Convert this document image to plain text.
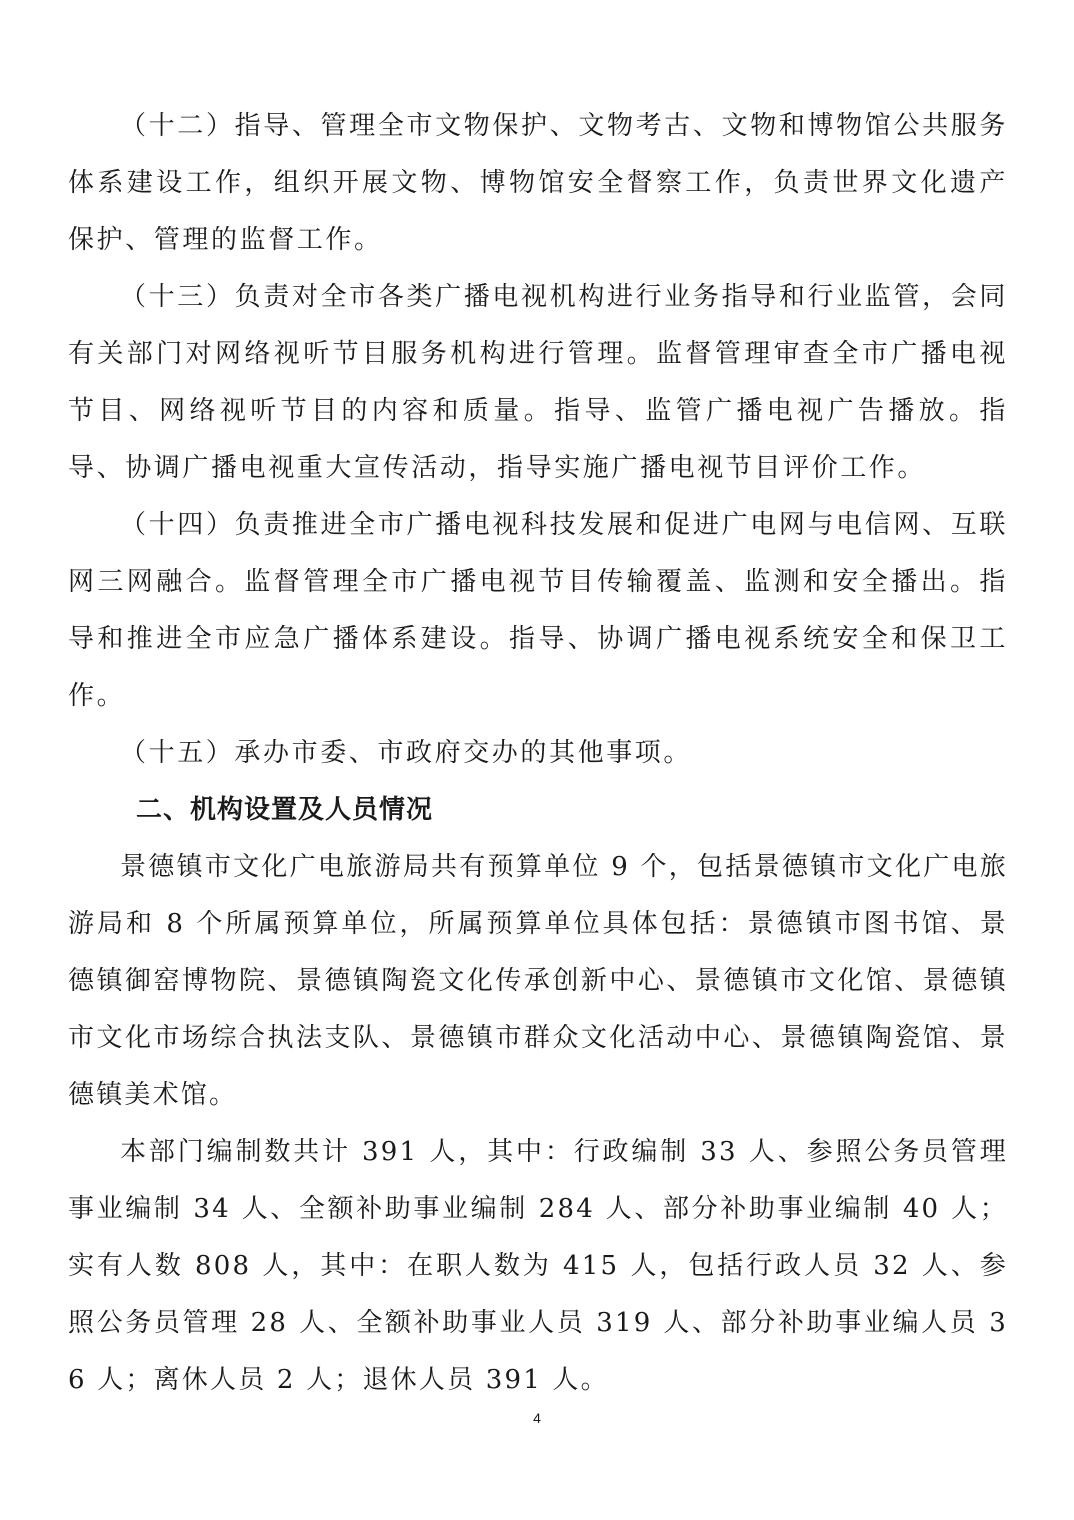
（十二）指导、管理全市文物保护、文物考古、文物和博物馆公共服务体系建设工作，组织开展文物、博物馆安全督察工作，负责世界文化遗产保护、管理的监督工作。

（十三）负责对全市各类广播电视机构进行业务指导和行业监管，会同有关部门对网络视听节目服务机构进行管理。监督管理审查全市广播电视节目、网络视听节目的内容和质量。指导、监管广播电视广告播放。指导、协调广播电视重大宣传活动，指导实施广播电视节目评价工作。

（十四）负责推进全市广播电视科技发展和促进广电网与电信网、互联网三网融合。监督管理全市广播电视节目传输覆盖、监测和安全播出。指导和推进全市应急广播体系建设。指导、协调广播电视系统安全和保卫工作。

（十五）承办市委、市政府交办的其他事项。

二、机构设置及人员情况

景德镇市文化广电旅游局共有预算单位 9 个，包括景德镇市文化广电旅游局和 8 个所属预算单位，所属预算单位具体包括：景德镇市图书馆、景德镇御窑博物院、景德镇陶瓷文化传承创新中心、景德镇市文化馆、景德镇市文化市场综合执法支队、景德镇市群众文化活动中心、景德镇陶瓷馆、景德镇美术馆。

本部门编制数共计 391 人，其中：行政编制 33 人、参照公务员管理事业编制 34 人、全额补助事业编制 284 人、部分补助事业编制 40 人；实有人数 808 人，其中：在职人数为 415 人，包括行政人员 32 人、参照公务员管理 28 人、全额补助事业人员 319 人、部分补助事业编人员 36 人；离休人员 2 人；退休人员 391 人。

4
